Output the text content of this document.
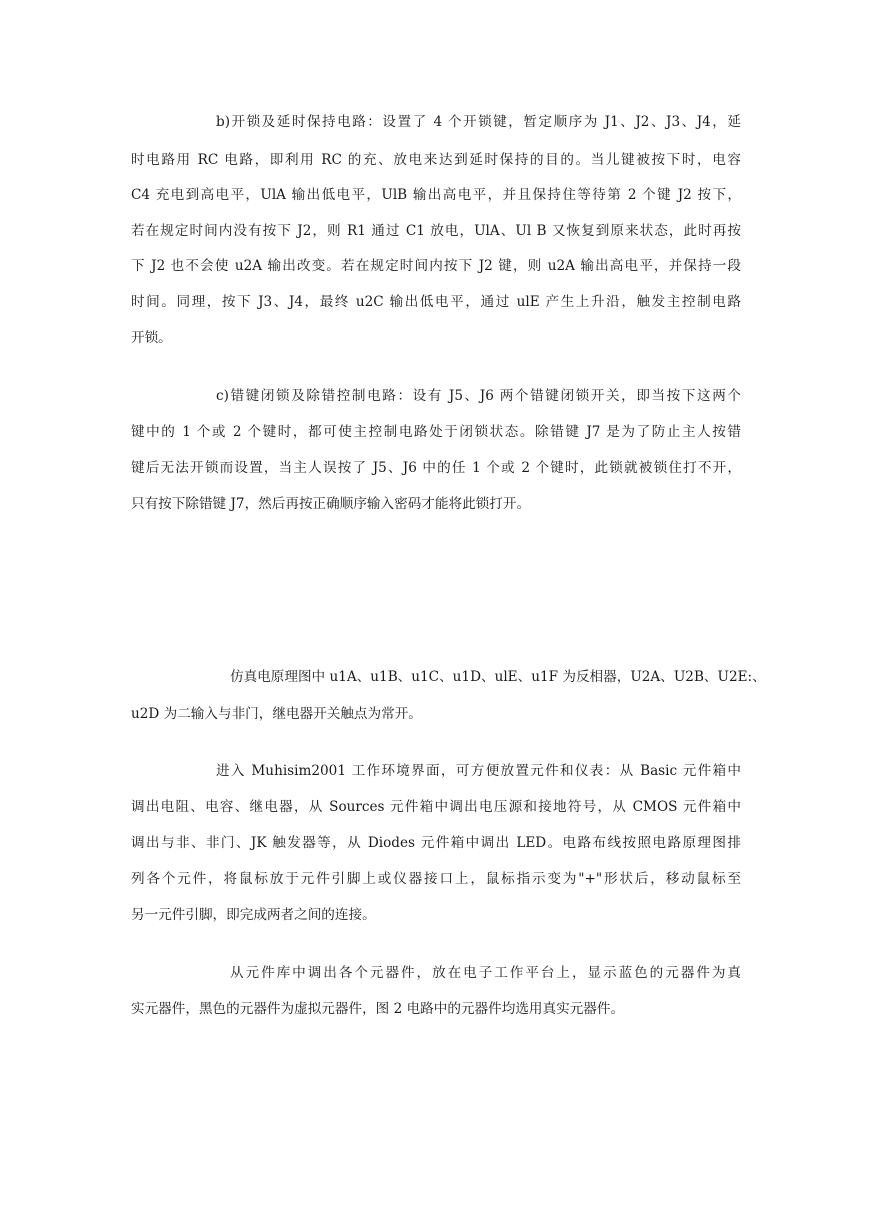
b)开锁及延时保持电路：设置了 4 个开锁键，暂定顺序为 J1、J2、J3、J4，延
时电路用 RC 电路，即利用 RC 的充、放电来达到延时保持的目的。当儿键被按下时，电容
C4 充电到高电平，UlA 输出低电平，UlB 输出高电平，并且保持住等待第 2 个键 J2 按下，
若在规定时间内没有按下 J2，则 R1 通过 C1 放电，UlA、Ul B 又恢复到原来状态，此时再按
下 J2 也不会使 u2A 输出改变。若在规定时间内按下 J2 键，则 u2A 输出高电平，并保持一段
时间。同理，按下 J3、J4，最终 u2C 输出低电平，通过 ulE 产生上升沿，触发主控制电路
开锁。
c)错键闭锁及除错控制电路：设有 J5、J6 两个错键闭锁开关，即当按下这两个
键中的 1 个或 2 个键时，都可使主控制电路处于闭锁状态。除错键 J7 是为了防止主人按错
键后无法开锁而设置，当主人误按了 J5、J6 中的任 1 个或 2 个键时，此锁就被锁住打不开，
只有按下除错键 J7，然后再按正确顺序输入密码才能将此锁打开。
仿真电原理图中 u1A、u1B、u1C、u1D、ulE、u1F 为反相器，U2A、U2B、U2E:、
u2D 为二输入与非门，继电器开关触点为常开。
进入 Muhisim2001 工作环境界面，可方便放置元件和仪表：从 Basic 元件箱中
调出电阻、电容、继电器，从 Sources 元件箱中调出电压源和接地符号，从 CMOS 元件箱中
调出与非、非门、JK 触发器等，从 Diodes 元件箱中调出 LED。电路布线按照电路原理图排
列各个元件，将鼠标放于元件引脚上或仪器接口上，鼠标指示变为"+"形状后，移动鼠标至
另一元件引脚，即完成两者之间的连接。
从元件库中调出各个元器件，放在电子工作平台上，显示蓝色的元器件为真
实元器件，黑色的元器件为虚拟元器件，图 2 电路中的元器件均选用真实元器件。
